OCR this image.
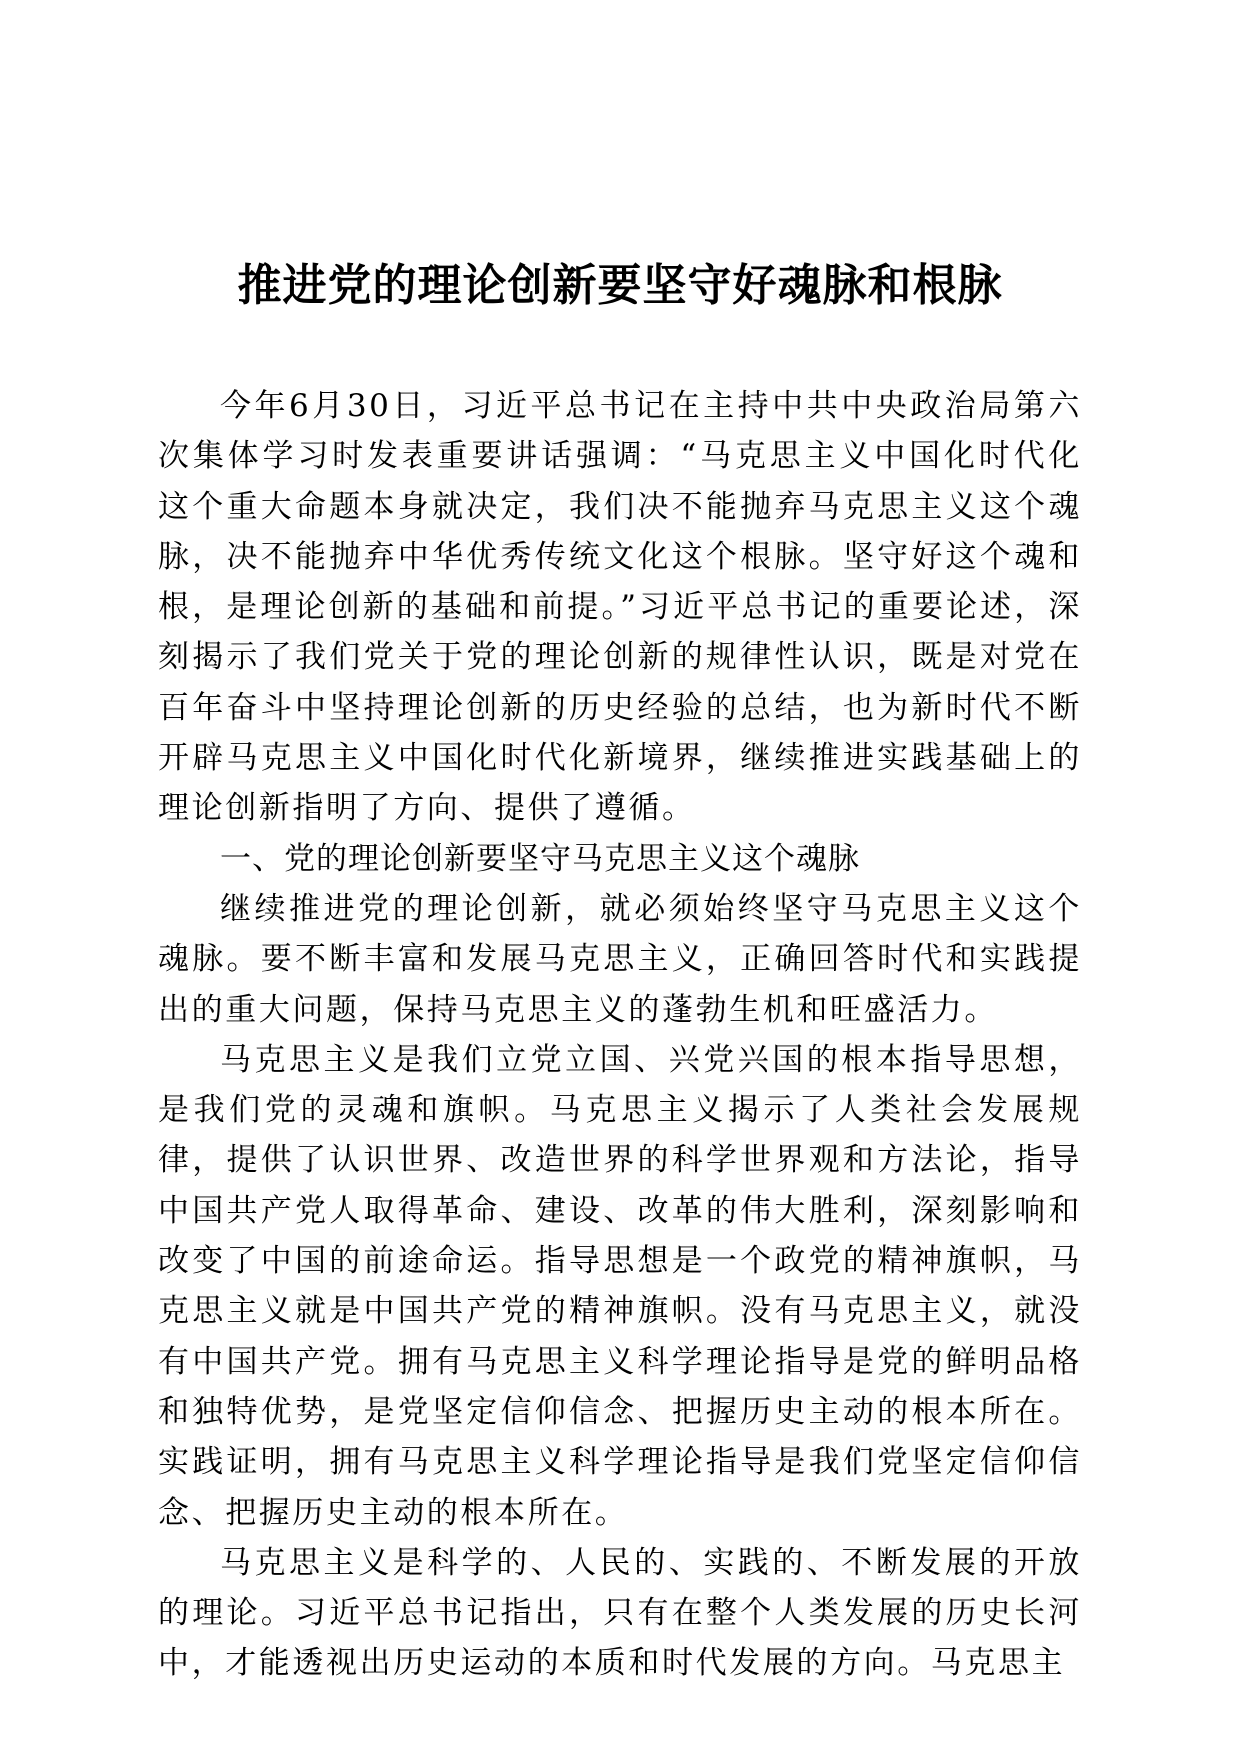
推进党的理论创新要坚守好魂脉和根脉

今年6月30日，习近平总书记在主持中共中央政治局第六次集体学习时发表重要讲话强调：“马克思主义中国化时代化这个重大命题本身就决定，我们决不能抛弃马克思主义这个魂脉，决不能抛弃中华优秀传统文化这个根脉。坚守好这个魂和根，是理论创新的基础和前提。”习近平总书记的重要论述，深刻揭示了我们党关于党的理论创新的规律性认识，既是对党在百年奋斗中坚持理论创新的历史经验的总结，也为新时代不断开辟马克思主义中国化时代化新境界，继续推进实践基础上的理论创新指明了方向、提供了遵循。

一、党的理论创新要坚守马克思主义这个魂脉

继续推进党的理论创新，就必须始终坚守马克思主义这个魂脉。要不断丰富和发展马克思主义，正确回答时代和实践提出的重大问题，保持马克思主义的蓬勃生机和旺盛活力。

马克思主义是我们立党立国、兴党兴国的根本指导思想，是我们党的灵魂和旗帜。马克思主义揭示了人类社会发展规律，提供了认识世界、改造世界的科学世界观和方法论，指导中国共产党人取得革命、建设、改革的伟大胜利，深刻影响和改变了中国的前途命运。指导思想是一个政党的精神旗帜，马克思主义就是中国共产党的精神旗帜。没有马克思主义，就没有中国共产党。拥有马克思主义科学理论指导是党的鲜明品格和独特优势，是党坚定信仰信念、把握历史主动的根本所在。实践证明，拥有马克思主义科学理论指导是我们党坚定信仰信念、把握历史主动的根本所在。

马克思主义是科学的、人民的、实践的、不断发展的开放的理论。习近平总书记指出，只有在整个人类发展的历史长河中，才能透视出历史运动的本质和时代发展的方向。马克思主
